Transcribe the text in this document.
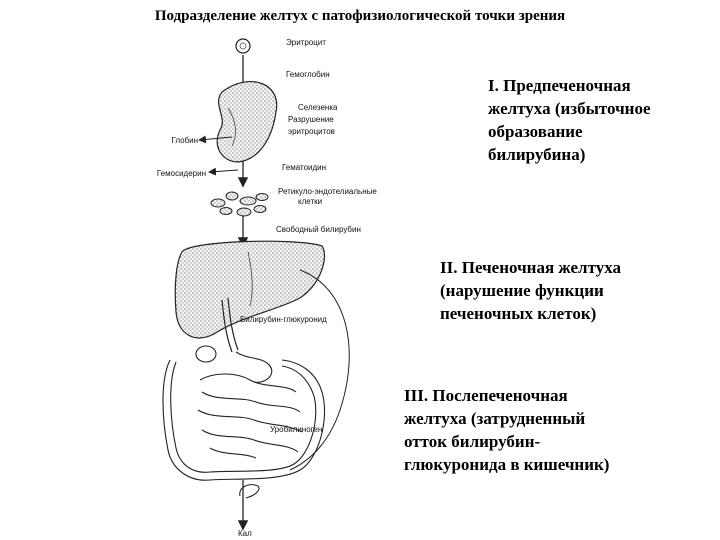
Подразделение желтух с патофизиологической точки зрения
I. Предпеченочная
желтуха (избыточное
образование
билирубина)
II. Печеночная желтуха
(нарушение функции
печеночных клеток)
III. Послепеченочная
желтуха (затрудненный
отток билирубин-
глюкуронида в кишечник)
Эритроцит
Гемоглобин
Селезенка
Разрушение
эритроцитов
Глобин
Гематоидин
Гемосидерин
Ретикуло-эндотелиальные
клетки
Свободный билирубин
Билирубин-глюкуронид
Уробилиноген
Кал
